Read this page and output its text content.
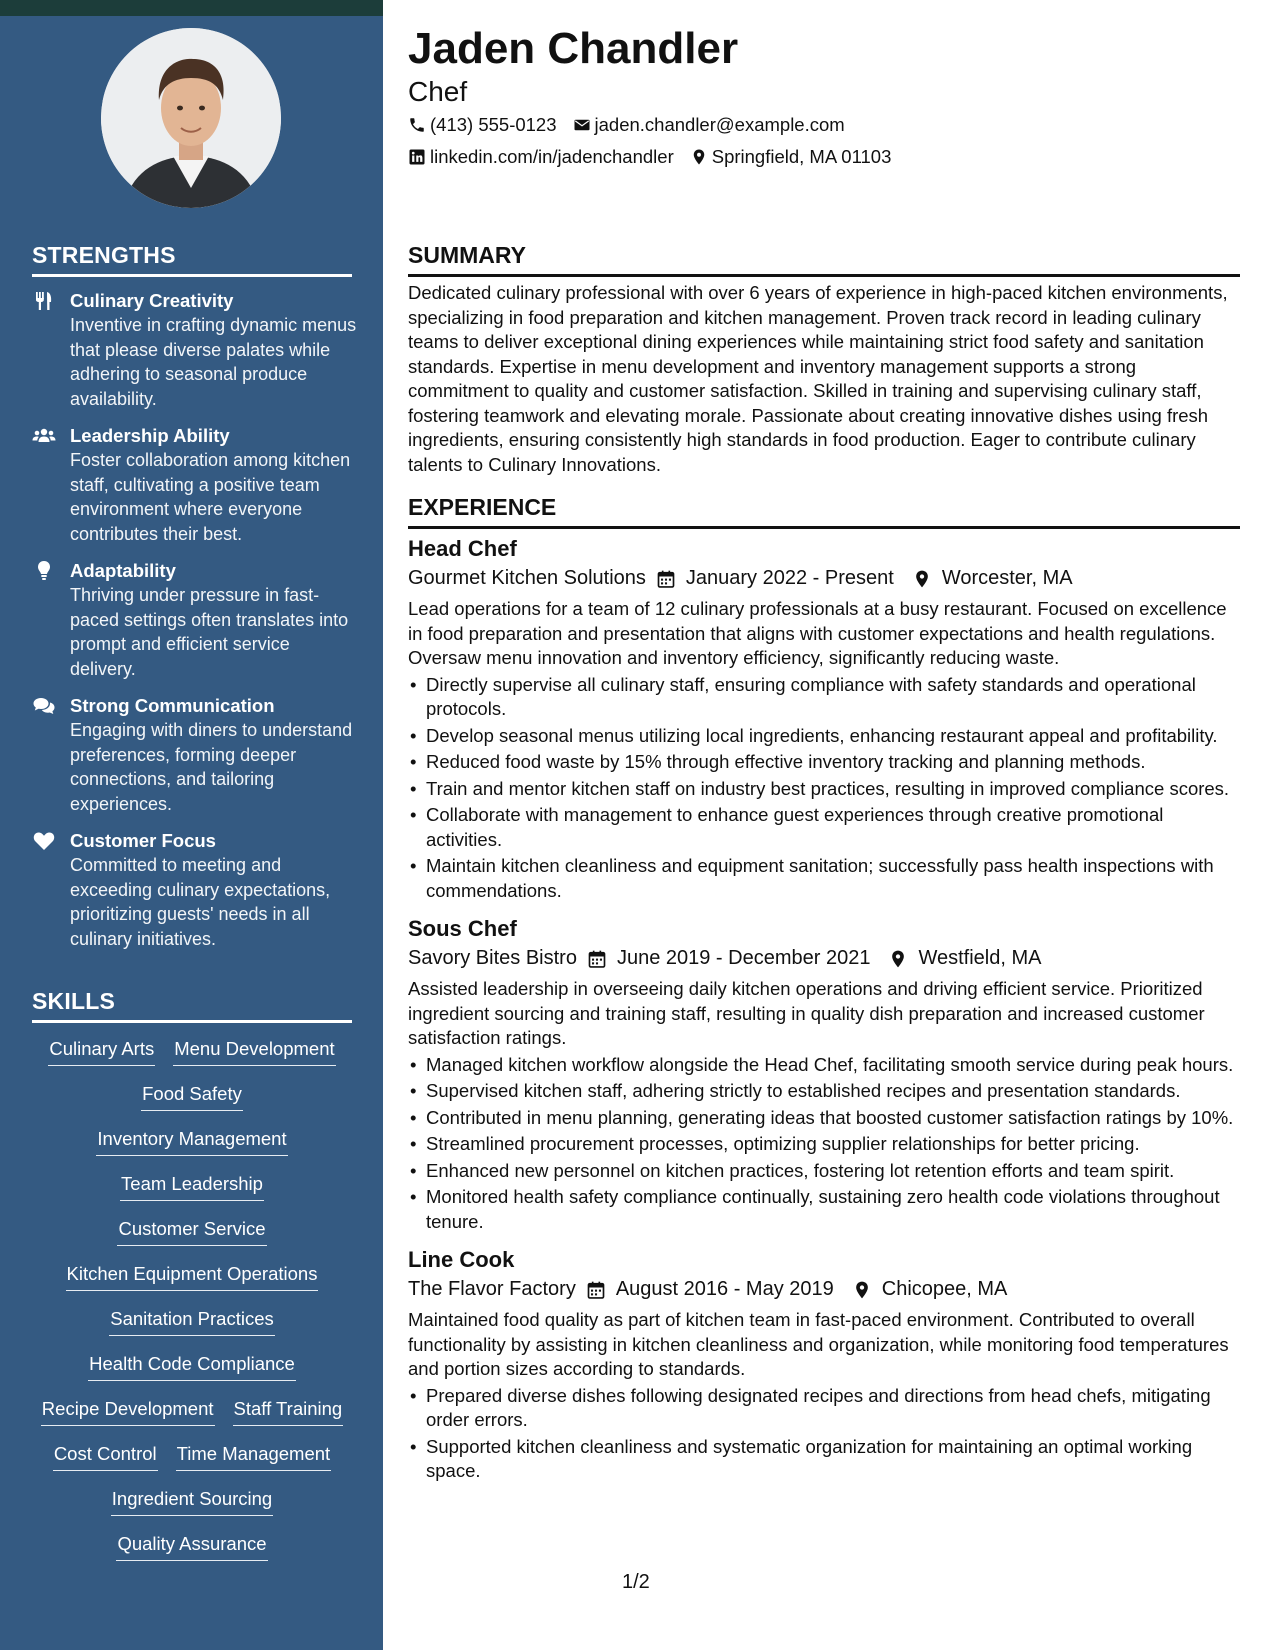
STRENGTHS
Culinary Creativity
Inventive in crafting dynamic menus that please diverse palates while adhering to seasonal produce availability.
Leadership Ability
Foster collaboration among kitchen staff, cultivating a positive team environment where everyone contributes their best.
Adaptability
Thriving under pressure in fast-paced settings often translates into prompt and efficient service delivery.
Strong Communication
Engaging with diners to understand preferences, forming deeper connections, and tailoring experiences.
Customer Focus
Committed to meeting and exceeding culinary expectations, prioritizing guests' needs in all culinary initiatives.
SKILLS
Culinary Arts Menu Development
Food Safety
Inventory Management
Team Leadership
Customer Service
Kitchen Equipment Operations
Sanitation Practices
Health Code Compliance
Recipe Development Staff Training
Cost Control Time Management
Ingredient Sourcing
Quality Assurance
Jaden Chandler
Chef
(413) 555-0123 jaden.chandler@example.com
linkedin.com/in/jadenchandler Springfield, MA 01103
SUMMARY

Dedicated culinary professional with over 6 years of experience in high-paced kitchen environments, specializing in food preparation and kitchen management. Proven track record in leading culinary teams to deliver exceptional dining experiences while maintaining strict food safety and sanitation standards. Expertise in menu development and inventory management supports a strong commitment to quality and customer satisfaction. Skilled in training and supervising culinary staff, fostering teamwork and elevating morale. Passionate about creating innovative dishes using fresh ingredients, ensuring consistently high standards in food production. Eager to contribute culinary talents to Culinary Innovations.

EXPERIENCE
Head Chef
Gourmet Kitchen Solutions January 2022 - Present Worcester, MA
Lead operations for a team of 12 culinary professionals at a busy restaurant. Focused on excellence in food preparation and presentation that aligns with customer expectations and health regulations. Oversaw menu innovation and inventory efficiency, significantly reducing waste.
• Directly supervise all culinary staff, ensuring compliance with safety standards and operational protocols.
• Develop seasonal menus utilizing local ingredients, enhancing restaurant appeal and profitability.
• Reduced food waste by 15% through effective inventory tracking and planning methods.
• Train and mentor kitchen staff on industry best practices, resulting in improved compliance scores.
• Collaborate with management to enhance guest experiences through creative promotional activities.
• Maintain kitchen cleanliness and equipment sanitation; successfully pass health inspections with commendations.
Sous Chef
Savory Bites Bistro June 2019 - December 2021 Westfield, MA
Assisted leadership in overseeing daily kitchen operations and driving efficient service. Prioritized ingredient sourcing and training staff, resulting in quality dish preparation and increased customer satisfaction ratings.
• Managed kitchen workflow alongside the Head Chef, facilitating smooth service during peak hours.
• Supervised kitchen staff, adhering strictly to established recipes and presentation standards.
• Contributed in menu planning, generating ideas that boosted customer satisfaction ratings by 10%.
• Streamlined procurement processes, optimizing supplier relationships for better pricing.
• Enhanced new personnel on kitchen practices, fostering lot retention efforts and team spirit.
• Monitored health safety compliance continually, sustaining zero health code violations throughout tenure.
Line Cook
The Flavor Factory August 2016 - May 2019 Chicopee, MA
Maintained food quality as part of kitchen team in fast-paced environment. Contributed to overall functionality by assisting in kitchen cleanliness and organization, while monitoring food temperatures and portion sizes according to standards.
• Prepared diverse dishes following designated recipes and directions from head chefs, mitigating order errors.
• Supported kitchen cleanliness and systematic organization for maintaining an optimal working space.
1/2
